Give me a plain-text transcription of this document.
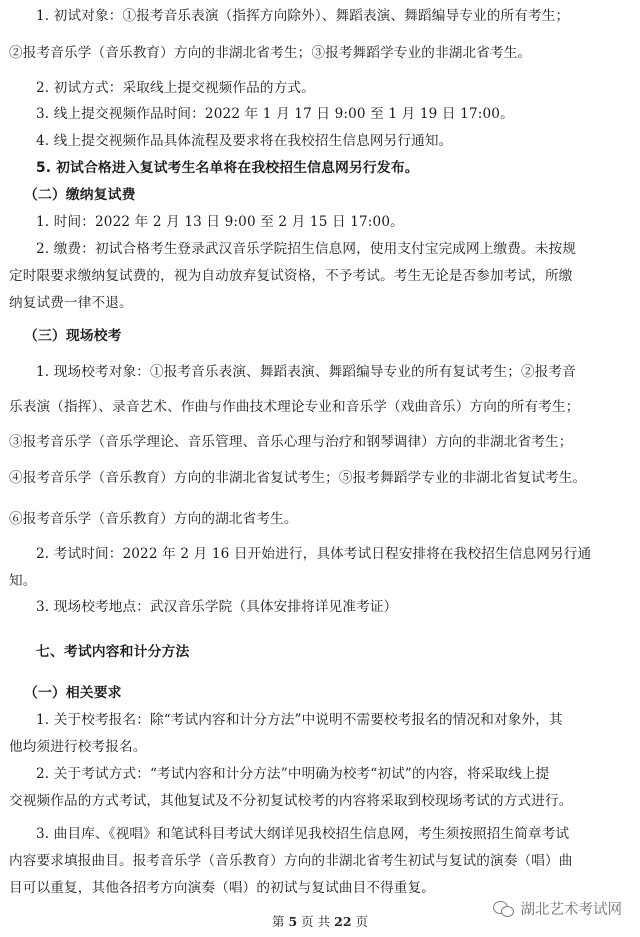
1. 初试对象：①报考音乐表演（指挥方向除外）、舞蹈表演、舞蹈编导专业的所有考生；
②报考音乐学（音乐教育）方向的非湖北省考生；③报考舞蹈学专业的非湖北省考生。
2. 初试方式：采取线上提交视频作品的方式。
3. 线上提交视频作品时间：2022 年 1 月 17 日 9:00 至 1 月 19 日 17:00。
4. 线上提交视频作品具体流程及要求将在我校招生信息网另行通知。
5. 初试合格进入复试考生名单将在我校招生信息网另行发布。
（二）缴纳复试费
1. 时间：2022 年 2 月 13 日 9:00 至 2 月 15 日 17:00。
2. 缴费：初试合格考生登录武汉音乐学院招生信息网，使用支付宝完成网上缴费。未按规
定时限要求缴纳复试费的，视为自动放弃复试资格，不予考试。考生无论是否参加考试，所缴
纳复试费一律不退。
（三）现场校考
1. 现场校考对象：①报考音乐表演、舞蹈表演、舞蹈编导专业的所有复试考生；②报考音
乐表演（指挥）、录音艺术、作曲与作曲技术理论专业和音乐学（戏曲音乐）方向的所有考生；
③报考音乐学（音乐学理论、音乐管理、音乐心理与治疗和钢琴调律）方向的非湖北省考生；
④报考音乐学（音乐教育）方向的非湖北省复试考生；⑤报考舞蹈学专业的非湖北省复试考生。
⑥报考音乐学（音乐教育）方向的湖北省考生。
2. 考试时间：2022 年 2 月 16 日开始进行，具体考试日程安排将在我校招生信息网另行通
知。
3. 现场校考地点：武汉音乐学院（具体安排将详见准考证）
七、考试内容和计分方法
（一）相关要求
1. 关于校考报名：除“考试内容和计分方法”中说明不需要校考报名的情况和对象外，其
他均须进行校考报名。
2. 关于考试方式：“考试内容和计分方法”中明确为校考“初试”的内容，将采取线上提
交视频作品的方式考试，其他复试及不分初复试校考的内容将采取到校现场考试的方式进行。
3. 曲目库、《视唱》和笔试科目考试大纲详见我校招生信息网，考生须按照招生简章考试
内容要求填报曲目。报考音乐学（音乐教育）方向的非湖北省考生初试与复试的演奏（唱）曲
目可以重复，其他各招考方向演奏（唱）的初试与复试曲目不得重复。
第 5 页 共 22 页
湖北艺术考试网
